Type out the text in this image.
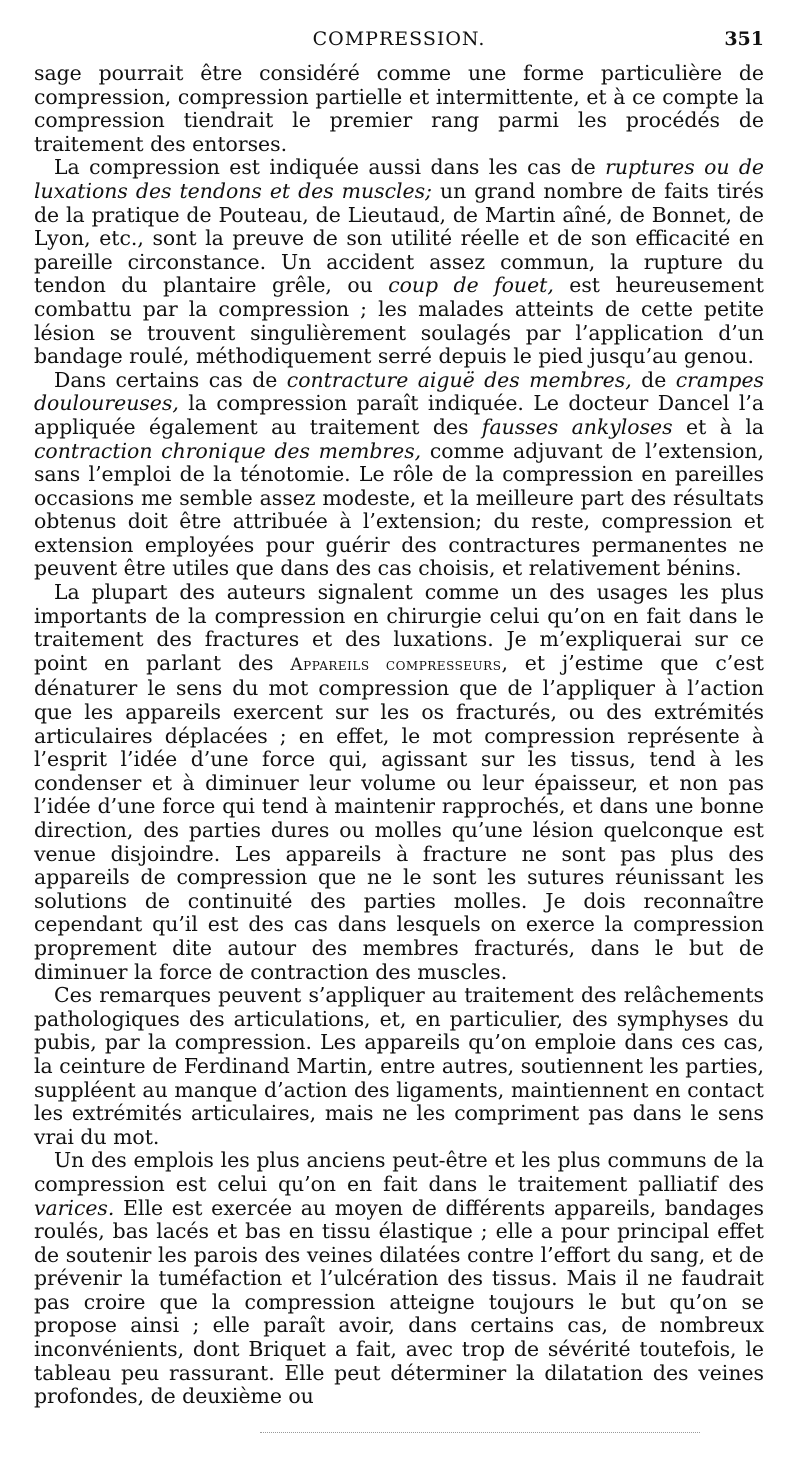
COMPRESSION.	351

sage pourrait être considéré comme une forme particulière de compression, compression partielle et intermittente, et à ce compte la compression tiendrait le premier rang parmi les procédés de traitement des entorses.

La compression est indiquée aussi dans les cas de ruptures ou de luxations des tendons et des muscles; un grand nombre de faits tirés de la pratique de Pouteau, de Lieutaud, de Martin aîné, de Bonnet, de Lyon, etc., sont la preuve de son utilité réelle et de son efficacité en pareille circonstance. Un accident assez commun, la rupture du tendon du plantaire grêle, ou coup de fouet, est heureusement combattu par la compression ; les malades atteints de cette petite lésion se trouvent singulièrement soulagés par l’application d’un bandage roulé, méthodiquement serré depuis le pied jusqu’au genou.

Dans certains cas de contracture aiguë des membres, de crampes douloureuses, la compression paraît indiquée. Le docteur Dancel l’a appliquée également au traitement des fausses ankyloses et à la contraction chronique des membres, comme adjuvant de l’extension, sans l’emploi de la ténotomie. Le rôle de la compression en pareilles occasions me semble assez modeste, et la meilleure part des résultats obtenus doit être attribuée à l’extension; du reste, compression et extension employées pour guérir des contractures permanentes ne peuvent être utiles que dans des cas choisis, et relativement bénins.

La plupart des auteurs signalent comme un des usages les plus importants de la compression en chirurgie celui qu’on en fait dans le traitement des fractures et des luxations. Je m’expliquerai sur ce point en parlant des Appareils compresseurs, et j’estime que c’est dénaturer le sens du mot compression que de l’appliquer à l’action que les appareils exercent sur les os fracturés, ou des extrémités articulaires déplacées ; en effet, le mot compression représente à l’esprit l’idée d’une force qui, agissant sur les tissus, tend à les condenser et à diminuer leur volume ou leur épaisseur, et non pas l’idée d’une force qui tend à maintenir rapprochés, et dans une bonne direction, des parties dures ou molles qu’une lésion quelconque est venue disjoindre. Les appareils à fracture ne sont pas plus des appareils de compression que ne le sont les sutures réunissant les solutions de continuité des parties molles. Je dois reconnaître cependant qu’il est des cas dans lesquels on exerce la compression proprement dite autour des membres fracturés, dans le but de diminuer la force de contraction des muscles.

Ces remarques peuvent s’appliquer au traitement des relâchements pathologiques des articulations, et, en particulier, des symphyses du pubis, par la compression. Les appareils qu’on emploie dans ces cas, la ceinture de Ferdinand Martin, entre autres, soutiennent les parties, suppléent au manque d’action des ligaments, maintiennent en contact les extrémités articulaires, mais ne les compriment pas dans le sens vrai du mot.

Un des emplois les plus anciens peut-être et les plus communs de la compression est celui qu’on en fait dans le traitement palliatif des varices. Elle est exercée au moyen de différents appareils, bandages roulés, bas lacés et bas en tissu élastique ; elle a pour principal effet de soutenir les parois des veines dilatées contre l’effort du sang, et de prévenir la tuméfaction et l’ulcération des tissus. Mais il ne faudrait pas croire que la compression atteigne toujours le but qu’on se propose ainsi ; elle paraît avoir, dans certains cas, de nombreux inconvénients, dont Briquet a fait, avec trop de sévérité toutefois, le tableau peu rassurant. Elle peut déterminer la dilatation des veines profondes, de deuxième ou
